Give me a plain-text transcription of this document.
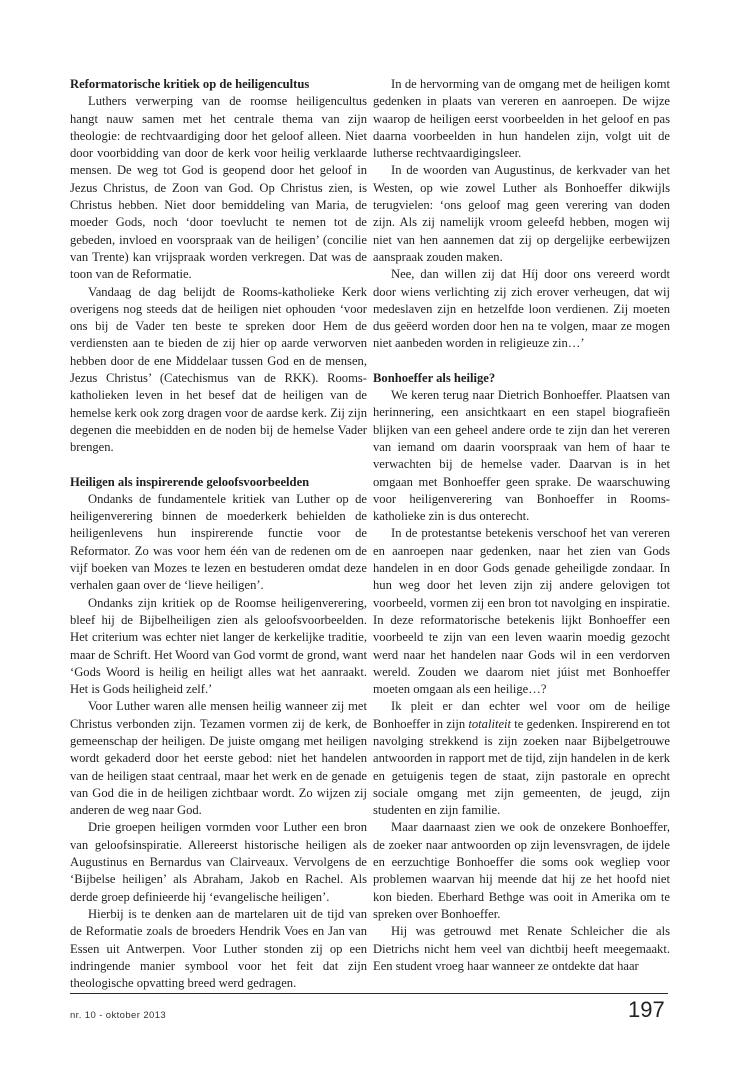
Reformatorische kritiek op de heiligencultus

Luthers verwerping van de roomse heiligencultus hangt nauw samen met het centrale thema van zijn theologie: de rechtvaardiging door het geloof alleen. Niet door voorbidding van door de kerk voor heilig verklaarde mensen. De weg tot God is geopend door het geloof in Jezus Christus, de Zoon van God. Op Christus zien, is Christus hebben. Niet door bemiddeling van Maria, de moeder Gods, noch ‘door toevlucht te nemen tot de gebeden, invloed en voorspraak van de heiligen’ (concilie van Trente) kan vrijspraak worden verkregen. Dat was de toon van de Reformatie.

Vandaag de dag belijdt de Rooms-katholieke Kerk overigens nog steeds dat de heiligen niet ophouden ‘voor ons bij de Vader ten beste te spreken door Hem de verdiensten aan te bieden de zij hier op aarde verworven hebben door de ene Middelaar tussen God en de mensen, Jezus Christus’ (Catechismus van de RKK). Rooms-katholieken leven in het besef dat de heiligen van de hemelse kerk ook zorg dragen voor de aardse kerk. Zij zijn degenen die meebidden en de noden bij de hemelse Vader brengen.

Heiligen als inspirerende geloofsvoorbeelden

Ondanks de fundamentele kritiek van Luther op de heiligenverering binnen de moederkerk behielden de heiligenlevens hun inspirerende functie voor de Reformator. Zo was voor hem één van de redenen om de vijf boeken van Mozes te lezen en bestuderen omdat deze verhalen gaan over de ‘lieve heiligen’.

Ondanks zijn kritiek op de Roomse heiligenverering, bleef hij de Bijbelheiligen zien als geloofsvoorbeelden. Het criterium was echter niet langer de kerkelijke traditie, maar de Schrift. Het Woord van God vormt de grond, want ‘Gods Woord is heilig en heiligt alles wat het aanraakt. Het is Gods heiligheid zelf.’

Voor Luther waren alle mensen heilig wanneer zij met Christus verbonden zijn. Tezamen vormen zij de kerk, de gemeenschap der heiligen. De juiste omgang met heiligen wordt gekaderd door het eerste gebod: niet het handelen van de heiligen staat centraal, maar het werk en de genade van God die in de heiligen zichtbaar wordt. Zo wijzen zij anderen de weg naar God.

Drie groepen heiligen vormden voor Luther een bron van geloofsinspiratie. Allereerst historische heiligen als Augustinus en Bernardus van Clairveaux. Vervolgens de ‘Bijbelse heiligen’ als Abraham, Jakob en Rachel. Als derde groep definieerde hij ‘evangelische heiligen’.

Hierbij is te denken aan de martelaren uit de tijd van de Reformatie zoals de broeders Hendrik Voes en Jan van Essen uit Antwerpen. Voor Luther stonden zij op een indringende manier symbool voor het feit dat zijn theologische opvatting breed werd gedragen.

In de hervorming van de omgang met de heiligen komt gedenken in plaats van vereren en aanroepen. De wijze waarop de heiligen eerst voorbeelden in het geloof en pas daarna voorbeelden in hun handelen zijn, volgt uit de lutherse rechtvaardigingsleer.

In de woorden van Augustinus, de kerkvader van het Westen, op wie zowel Luther als Bonhoeffer dikwijls terugvielen: ‘ons geloof mag geen verering van doden zijn. Als zij namelijk vroom geleefd hebben, mogen wij niet van hen aannemen dat zij op dergelijke eerbewijzen aanspraak zouden maken.

Nee, dan willen zij dat Híj door ons vereerd wordt door wiens verlichting zij zich erover verheugen, dat wij medeslaven zijn en hetzelfde loon verdienen. Zij moeten dus geëerd worden door hen na te volgen, maar ze mogen niet aanbeden worden in religieuze zin…’

Bonhoeffer als heilige?

We keren terug naar Dietrich Bonhoeffer. Plaatsen van herinnering, een ansichtkaart en een stapel biografieën blijken van een geheel andere orde te zijn dan het vereren van iemand om daarin voorspraak van hem of haar te verwachten bij de hemelse vader. Daarvan is in het omgaan met Bonhoeffer geen sprake. De waarschuwing voor heiligenverering van Bonhoeffer in Rooms-katholieke zin is dus onterecht.

In de protestantse betekenis verschoof het van vereren en aanroepen naar gedenken, naar het zien van Gods handelen in en door Gods genade geheiligde zondaar. In hun weg door het leven zijn zij andere gelovigen tot voorbeeld, vormen zij een bron tot navolging en inspiratie. In deze reformatorische betekenis lijkt Bonhoeffer een voorbeeld te zijn van een leven waarin moedig gezocht werd naar het handelen naar Gods wil in een verdorven wereld. Zouden we daarom niet júist met Bonhoeffer moeten omgaan als een heilige…?

Ik pleit er dan echter wel voor om de heilige Bonhoeffer in zijn totaliteit te gedenken. Inspirerend en tot navolging strekkend is zijn zoeken naar Bijbelgetrouwe antwoorden in rapport met de tijd, zijn handelen in de kerk en getuigenis tegen de staat, zijn pastorale en oprecht sociale omgang met zijn gemeenten, de jeugd, zijn studenten en zijn familie.

Maar daarnaast zien we ook de onzekere Bonhoeffer, de zoeker naar antwoorden op zijn levensvragen, de ijdele en eerzuchtige Bonhoeffer die soms ook wegliep voor problemen waarvan hij meende dat hij ze het hoofd niet kon bieden. Eberhard Bethge was ooit in Amerika om te spreken over Bonhoeffer.

Hij was getrouwd met Renate Schleicher die als Dietrichs nicht hem veel van dichtbij heeft meegemaakt. Een student vroeg haar wanneer ze ontdekte dat haar

nr. 10 - oktober 2013	197
